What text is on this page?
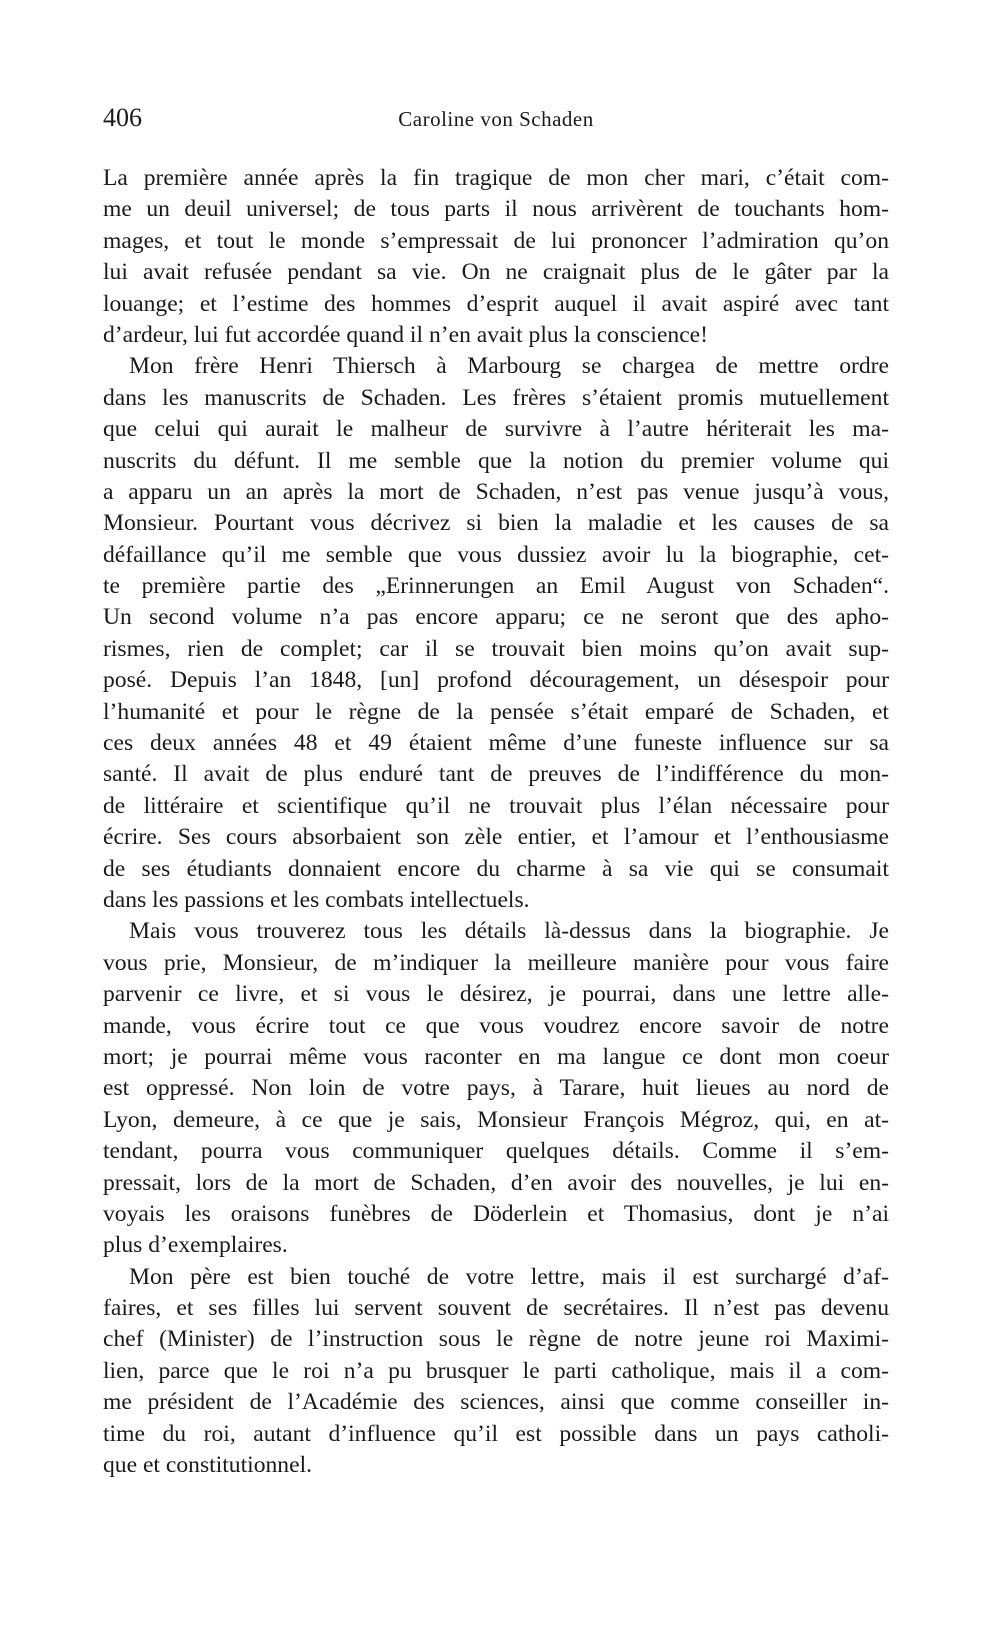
406	Caroline von Schaden
La première année après la fin tragique de mon cher mari, c’était com-
me un deuil universel; de tous parts il nous arrivèrent de touchants hom-
mages, et tout le monde s’empressait de lui prononcer l’admiration qu’on
lui avait refusée pendant sa vie. On ne craignait plus de le gâter par la
louange; et l’estime des hommes d’esprit auquel il avait aspiré avec tant
d’ardeur, lui fut accordée quand il n’en avait plus la conscience!
Mon frère Henri Thiersch à Marbourg se chargea de mettre ordre
dans les manuscrits de Schaden. Les frères s’étaient promis mutuellement
que celui qui aurait le malheur de survivre à l’autre hériterait les ma-
nuscrits du défunt. Il me semble que la notion du premier volume qui
a apparu un an après la mort de Schaden, n’est pas venue jusqu’à vous,
Monsieur. Pourtant vous décrivez si bien la maladie et les causes de sa
défaillance qu’il me semble que vous dussiez avoir lu la biographie, cet-
te première partie des „Erinnerungen an Emil August von Schaden“.
Un second volume n’a pas encore apparu; ce ne seront que des apho-
rismes, rien de complet; car il se trouvait bien moins qu’on avait sup-
posé. Depuis l’an 1848, [un] profond découragement, un désespoir pour
l’humanité et pour le règne de la pensée s’était emparé de Schaden, et
ces deux années 48 et 49 étaient même d’une funeste influence sur sa
santé. Il avait de plus enduré tant de preuves de l’indifférence du mon-
de littéraire et scientifique qu’il ne trouvait plus l’élan nécessaire pour
écrire. Ses cours absorbaient son zèle entier, et l’amour et l’enthousiasme
de ses étudiants donnaient encore du charme à sa vie qui se consumait
dans les passions et les combats intellectuels.
Mais vous trouverez tous les détails là-dessus dans la biographie. Je
vous prie, Monsieur, de m’indiquer la meilleure manière pour vous faire
parvenir ce livre, et si vous le désirez, je pourrai, dans une lettre alle-
mande, vous écrire tout ce que vous voudrez encore savoir de notre
mort; je pourrai même vous raconter en ma langue ce dont mon coeur
est oppressé. Non loin de votre pays, à Tarare, huit lieues au nord de
Lyon, demeure, à ce que je sais, Monsieur François Mégroz, qui, en at-
tendant, pourra vous communiquer quelques détails. Comme il s’em-
pressait, lors de la mort de Schaden, d’en avoir des nouvelles, je lui en-
voyais les oraisons funèbres de Döderlein et Thomasius, dont je n’ai
plus d’exemplaires.
Mon père est bien touché de votre lettre, mais il est surchargé d’af-
faires, et ses filles lui servent souvent de secrétaires. Il n’est pas devenu
chef (Minister) de l’instruction sous le règne de notre jeune roi Maximi-
lien, parce que le roi n’a pu brusquer le parti catholique, mais il a com-
me président de l’Académie des sciences, ainsi que comme conseiller in-
time du roi, autant d’influence qu’il est possible dans un pays catholi-
que et constitutionnel.
